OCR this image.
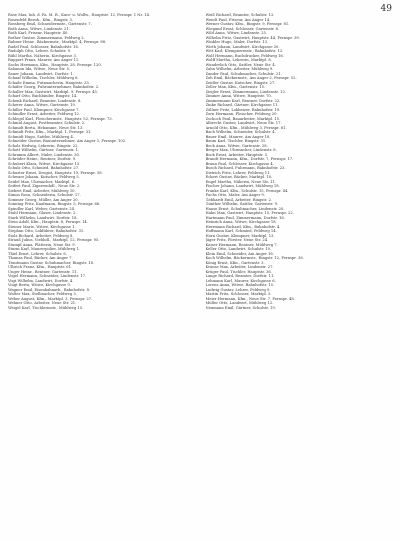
49

Rose Max, Inh. d. Fa. M. R., Kurz- u. Wollw., Hauptstr. 12, Fernspr. 1 Nr. 14.

Rosenfeld Bernh., Kfm., Ringstr. 3.

Rossberg Emil, Schneidermstr., Gartenstr. 7.

Roth Anna, Witwe, Lindenstr. 21.

Roth Karl, Friseur, Hauptstr. 40.

Rother Gustav, Zimmermann, Feldweg 2.

Rubner Heinr., Bäckermstr., Marktpl. 4, Fernspr. 88.

Rudel Paul, Schlosser, Bahnhofstr. 16.

Rudolph Otto, Lehrer, Schulstr. 9.

Rühl Martha, Näherin, Kirchgasse 3.

Ruppert Franz, Maurer, Am Anger 11.

Sachs Hermann, Kfm., Hauptstr. 28, Fernspr. 120.

Salomon Ida, Witwe, Neue Str. 5.

Sauer Johann, Landwirt, Dorfstr. 1.

Schaaf Wilhelm, Tischler, Mühlweg 6.

Schade Emma, Putzmacherin, Hauptstr. 33.

Schäfer Georg, Fuhrunternehmer, Bahnhofstr. 2.

Schaller Max, Gastwirt, Marktpl. 9, Fernspr. 45.

Scharf Otto, Buchbinder, Ringstr. 14.

Schenk Richard, Beamter, Lindenstr. 8.

Scherer Anna, Witwe, Gartenstr. 19.

Schiller Paul, Klempner, Kirchgasse 7.

Schindler Ernst, Arbeiter, Feldweg 12.

Schlegel Karl, Fleischermstr., Hauptstr. 52, Fernspr. 73.

Schmid August, Postbeamter, Schulstr. 2.

Schmidt Berta, Hebamme, Neue Str. 13.

Schmidt Fritz, Kfm., Marktpl. 1, Fernspr. 31.

Schmidt Hugo, Sattler, Mühlweg 4.

Schneider Gustav, Bauunternehmer, Am Anger 3, Fernspr. 102.

Scholz Hedwig, Lehrerin, Ringstr. 22.

Schott Wilhelm, Gärtner, Gartenstr. 1.

Schramm Albert, Maler, Lindenstr. 30.

Schröder Heinr., Rentner, Dorfstr. 9.

Schubert Klara, Witwe, Kirchgasse 15.

Schulz Otto, Schmied, Bahnhofstr. 27.

Schuster Ernst, Drogist, Hauptstr. 19, Fernspr. 58.

Schwarz Johann, Kutscher, Feldweg 5.

Seidel Max, Uhrmacher, Marktpl. 6.

Seifert Paul, Zigarrenhdl., Neue Str. 2.

Siebert Emil, Arbeiter, Mühlweg 10.

Simon Rosa, Schneiderin, Schulstr. 17.

Sommer Georg, Müller, Am Anger 20.

Sonntag Fritz, Kaufmann, Ringstr. 5, Fernspr. 66.

Spindler Karl, Weber, Gartenstr. 24.

Stahl Hermann, Glaser, Lindenstr. 2.

Stark Wilhelm, Landwirt, Dorfstr. 18.

Stein Adolf, Kfm., Hauptstr. 8, Fernspr. 14.

Steiner Marie, Witwe, Kirchgasse 1.

Stephan Otto, Lokführer, Bahnhofstr. 31.

Stolz Richard, Arbeiter, Feldweg 8.

Strauß Julius, Viehhdl., Marktpl. 12, Fernspr. 95.

Stumpf Anna, Plätterin, Neue Str. 9.

Sturm Karl, Maurerpolier, Mühlweg 1.

Thiel Ernst, Lehrer, Schulstr. 6.

Thomas Paul, Bäcker, Am Anger 7.

Trautmann Gustav, Schuhmacher, Ringstr. 18.

Ulbrich Franz, Kfm., Hauptstr. 61.

Unger Heinr., Rentner, Gartenstr. 11.

Vogel Hermann, Schneider, Lindenstr. 17.

Vogt Wilhelm, Landwirt, Dorfstr. 4.

Voigt Berta, Witwe, Kirchgasse 9.

Wagner Emil, Eisenbahnarb., Bahnhofstr. 8.

Walter Max, Stellmacher, Feldweg 3.

Weber August, Kfm., Marktpl. 3, Fernspr. 27.

Wehner Otto, Arbeiter, Neue Str. 21.

Weigel Karl, Tischlermstr., Mühlweg 15.

Weiß Richard, Beamter, Schulstr. 12.

Wendt Paul, Friseur, Am Anger 14.

Werner Gustav, Kfm., Ringstr. 9, Fernspr. 81.

Wiegand Ernst, Schlosser, Gartenstr. 6.

Wild Anna, Witwe, Lindenstr. 25.

Wilhelm Fritz, Gastwirt, Hauptstr. 44, Fernspr. 39.

Winkler Hugo, Maler, Dorfstr. 13.

Wirth Johann, Landwirt, Kirchgasse 20.

Witt Karl, Klempnermstr., Bahnhofstr. 12.

Wolf Hermann, Buchdrucker, Feldweg 16.

Wolff Martha, Lehrerin, Marktpl. 8.

Wunderlich Otto, Sattler, Neue Str. 4.

Zahn Wilhelm, Arbeiter, Mühlweg 9.

Zander Paul, Schuhmacher, Schulstr. 21.

Zeh Emil, Bäckermstr., Am Anger 2, Fernspr. 52.

Zeidler Gustav, Kutscher, Ringstr. 27.

Zeller Max, Kfm., Gartenstr. 15.

Ziegler Ernst, Zimmermann, Lindenstr. 12.

Zimmer Anna, Witwe, Hauptstr. 70.

Zimmermann Karl, Rentner, Dorfstr. 22.

Zinke Richard, Gärtner, Kirchgasse 11.

Zöllner Fritz, Lokheizer, Bahnhofstr. 19.

Zorn Hermann, Fleischer, Feldweg 20.

Zschoch Paul, Bauarbeiter, Marktpl. 15.

Albrecht Gustav, Landwirt, Neue Str. 17.

Arnold Otto, Kfm., Mühlweg 3, Fernspr. 61.

Bach Wilhelm, Schneider, Schulstr. 4.

Bauer Emil, Maurer, Am Anger 18.

Baum Karl, Tischler, Ringstr. 31.

Beck Anna, Witwe, Gartenstr. 28.

Berger Max, Uhrmacher, Lindenstr. 6.

Bock Ernst, Arbeiter, Hauptstr. 3.

Brandt Hermann, Kfm., Dorfstr. 7, Fernspr. 17.

Braun Paul, Schlosser, Kirchgasse 4.

Busch Richard, Fuhrmann, Bahnhofstr. 23.

Dietrich Fritz, Lehrer, Feldweg 11.

Eckert Gustav, Bäcker, Marktpl. 10.

Engel Martha, Näherin, Neue Str. 11.

Fischer Johann, Landwirt, Mühlweg 18.

Franke Karl, Kfm., Schulstr. 15, Fernspr. 44.

Fuchs Otto, Maler, Am Anger 9.

Gebhardt Emil, Arbeiter, Ringstr. 2.

Günther Wilhelm, Sattler, Gartenstr. 9.

Haase Ernst, Schuhmacher, Lindenstr. 20.

Hahn Max, Gastwirt, Hauptstr. 15, Fernspr. 22.

Hartmann Paul, Zimmermann, Dorfstr. 16.

Heinrich Anna, Witwe, Kirchgasse 18.

Herrmann Richard, Kfm., Bahnhofstr. 4.

Hoffmann Karl, Schmied, Feldweg 14.

Horn Gustav, Klempner, Marktpl. 13.

Jäger Fritz, Förster, Neue Str. 24.

Kaiser Hermann, Rentner, Mühlweg 7.

Keller Otto, Landwirt, Schulstr. 10.

Klein Emil, Schneider, Am Anger 16.

Koch Wilhelm, Bäckermstr., Ringstr. 12, Fernspr. 36.

König Ernst, Kfm., Gartenstr. 3.

Krause Max, Arbeiter, Lindenstr. 27.

Krüger Paul, Tischler, Hauptstr. 36.

Lange Richard, Beamter, Dorfstr. 11.

Lehmann Karl, Maurer, Kirchgasse 6.

Lorenz Anna, Witwe, Bahnhofstr. 15.

Ludwig Gustav, Lehrer, Feldweg 9.

Martin Fritz, Schlosser, Marktpl. 5.

Meier Hermann, Kfm., Neue Str. 7, Fernspr. 48.

Müller Otto, Landwirt, Mühlweg 12.

Neumann Emil, Gärtner, Schulstr. 19.
